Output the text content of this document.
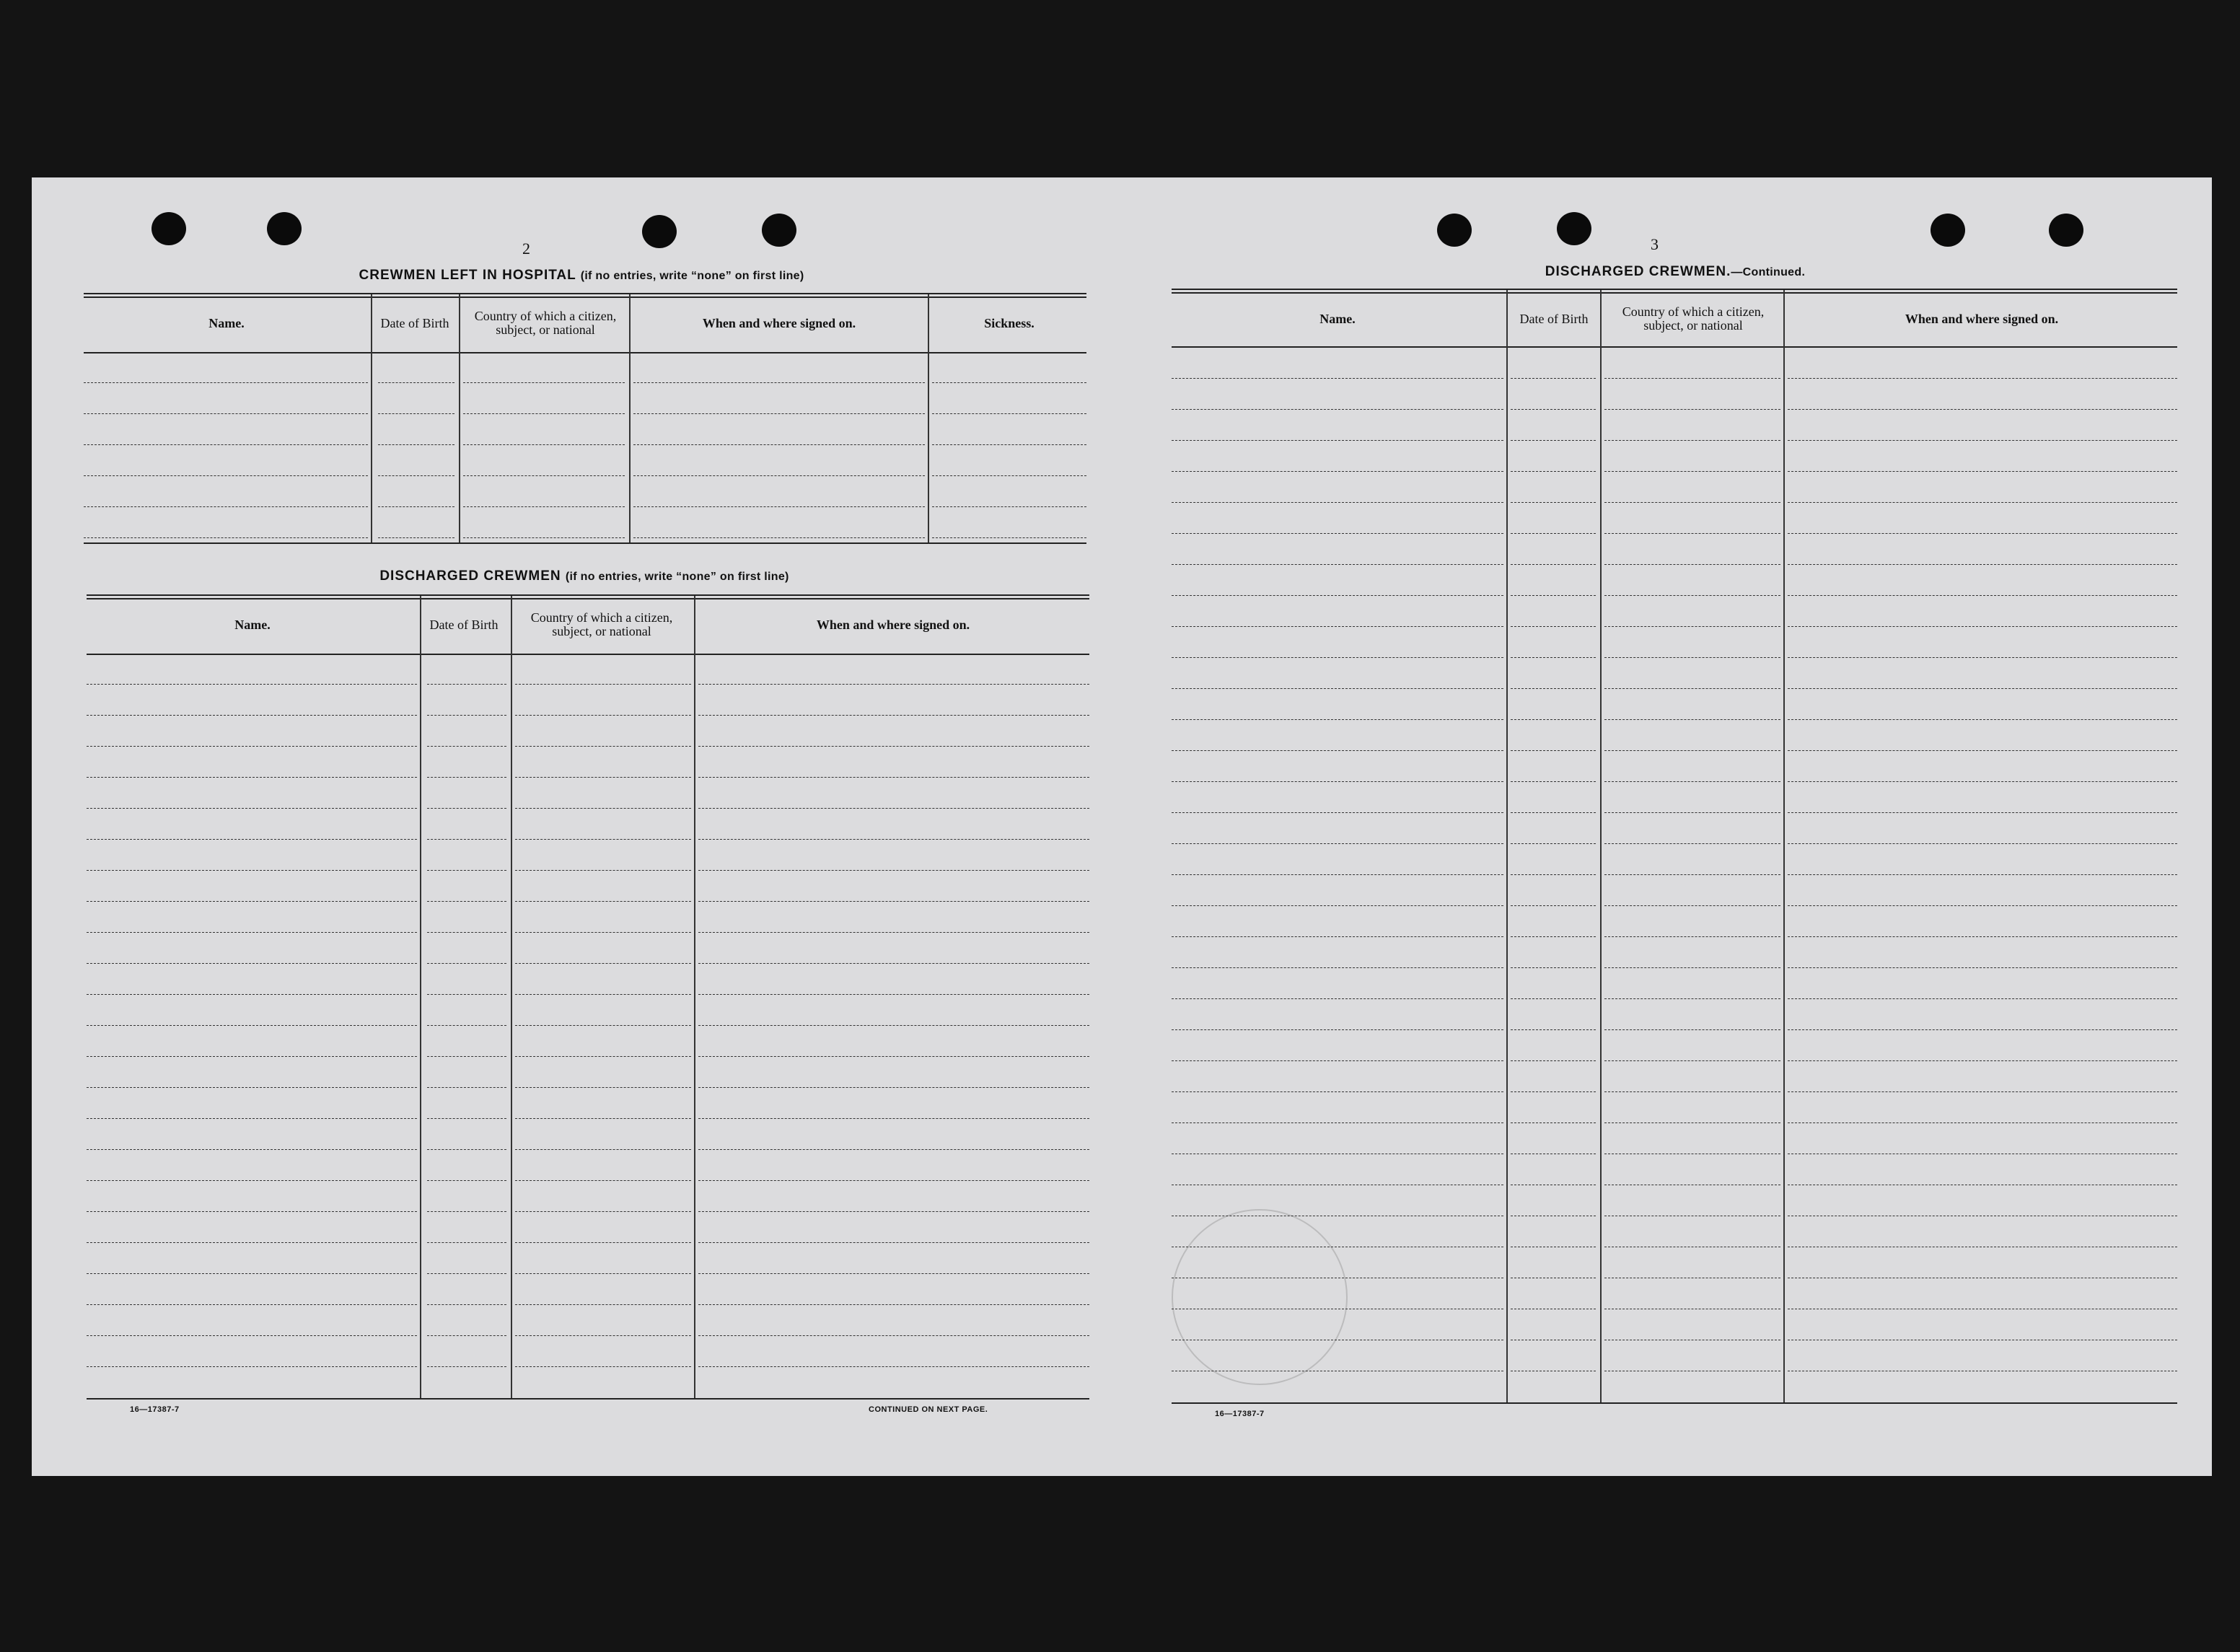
2
CREWMEN LEFT IN HOSPITAL (if no entries, write “none” on first line)
Name.	Date of Birth	Country of which a citizen, subject, or national	When and where signed on.	Sickness.
DISCHARGED CREWMEN (if no entries, write “none” on first line)
Name.	Date of Birth	Country of which a citizen, subject, or national	When and where signed on.
16—17387-7	CONTINUED ON NEXT PAGE.
3
DISCHARGED CREWMEN.—Continued.
Name.	Date of Birth	Country of which a citizen, subject, or national	When and where signed on.
16—17387-7
